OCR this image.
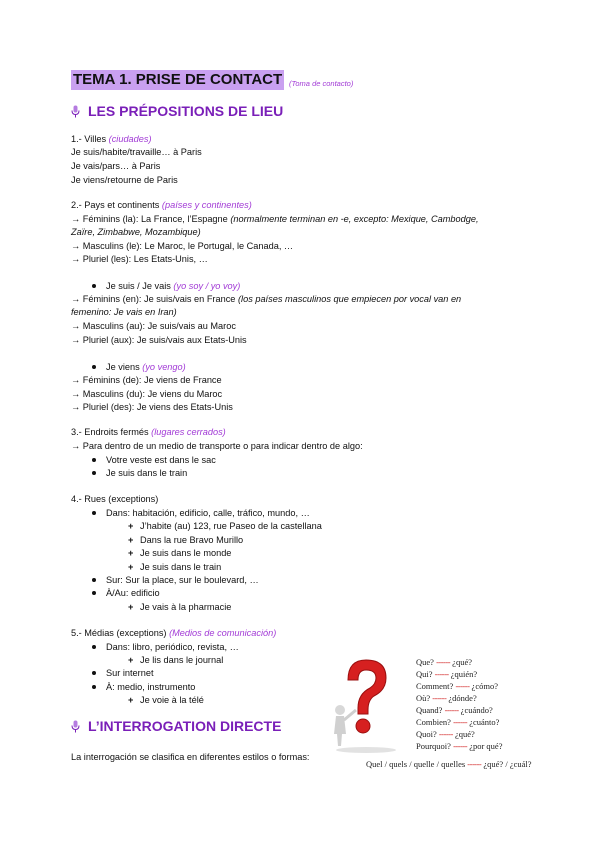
TEMA 1. PRISE DE CONTACT (Toma de contacto)
LES PRÉPOSITIONS DE LIEU
1.- Villes (ciudades)
Je suis/habite/travaille… à Paris
Je vais/pars… à Paris
Je viens/retourne de Paris
2.- Pays et continents (países y continentes)
→ Féminins (la): La France, l’Espagne (normalmente terminan en -e, excepto: Mexique, Cambodge,
Zaïre, Zimbabwe, Mozambique)
→ Masculins (le): Le Maroc, le Portugal, le Canada, …
→ Pluriel (les): Les Etats-Unis, …
Je suis / Je vais (yo soy / yo voy)
→ Féminins (en): Je suis/vais en France (los países masculinos que empiecen por vocal van en
femenino: Je vais en Iran)
→ Masculins (au): Je suis/vais au Maroc
→ Pluriel (aux): Je suis/vais aux Etats-Unis
Je viens (yo vengo)
→ Féminins (de): Je viens de France
→ Masculins (du): Je viens du Maroc
→ Pluriel (des): Je viens des Etats-Unis
3.- Endroits fermés (lugares cerrados)
→ Para dentro de un medio de transporte o para indicar dentro de algo:
Votre veste est dans le sac
Je suis dans le train
4.- Rues (exceptions)
Dans: habitación, edificio, calle, tráfico, mundo, …
+ J’habite (au) 123, rue Paseo de la castellana
+ Dans la rue Bravo Murillo
+ Je suis dans le monde
+ Je suis dans le train
Sur: Sur la place, sur le boulevard, …
À/Au: edificio
+ Je vais à la pharmacie
5.- Médias (exceptions) (Medios de comunicación)
Dans: libro, periódico, revista, …
+ Je lis dans le journal
Sur internet
À: medio, instrumento
+ Je voie à la télé
L’INTERROGATION DIRECTE
La interrogación se clasifica en diferentes estilos o formas:
Que? ------ ¿qué?
Qui? ------ ¿quién?
Comment? ------ ¿cómo?
Où? ------ ¿dónde?
Quand? ------ ¿cuándo?
Combien? ------ ¿cuánto?
Quoi? ------ ¿qué?
Pourquoi? ------ ¿por qué?
Quel / quels / quelle / quelles ------ ¿qué? / ¿cuál?
